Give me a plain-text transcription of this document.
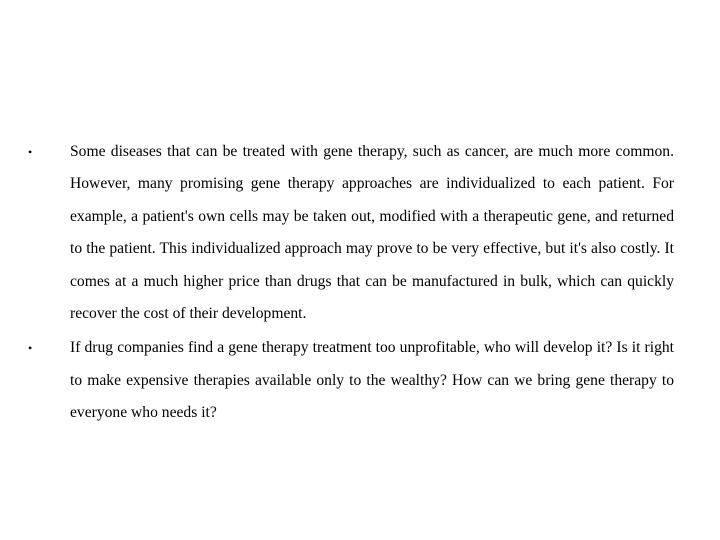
•	Some diseases that can be treated with gene therapy, such as cancer, are much more common. However, many promising gene therapy approaches are individualized to each patient. For example, a patient's own cells may be taken out, modified with a therapeutic gene, and returned to the patient. This individualized approach may prove to be very effective, but it's also costly. It comes at a much higher price than drugs that can be manufactured in bulk, which can quickly recover the cost of their development.
•	If drug companies find a gene therapy treatment too unprofitable, who will develop it? Is it right to make expensive therapies available only to the wealthy? How can we bring gene therapy to everyone who needs it?
